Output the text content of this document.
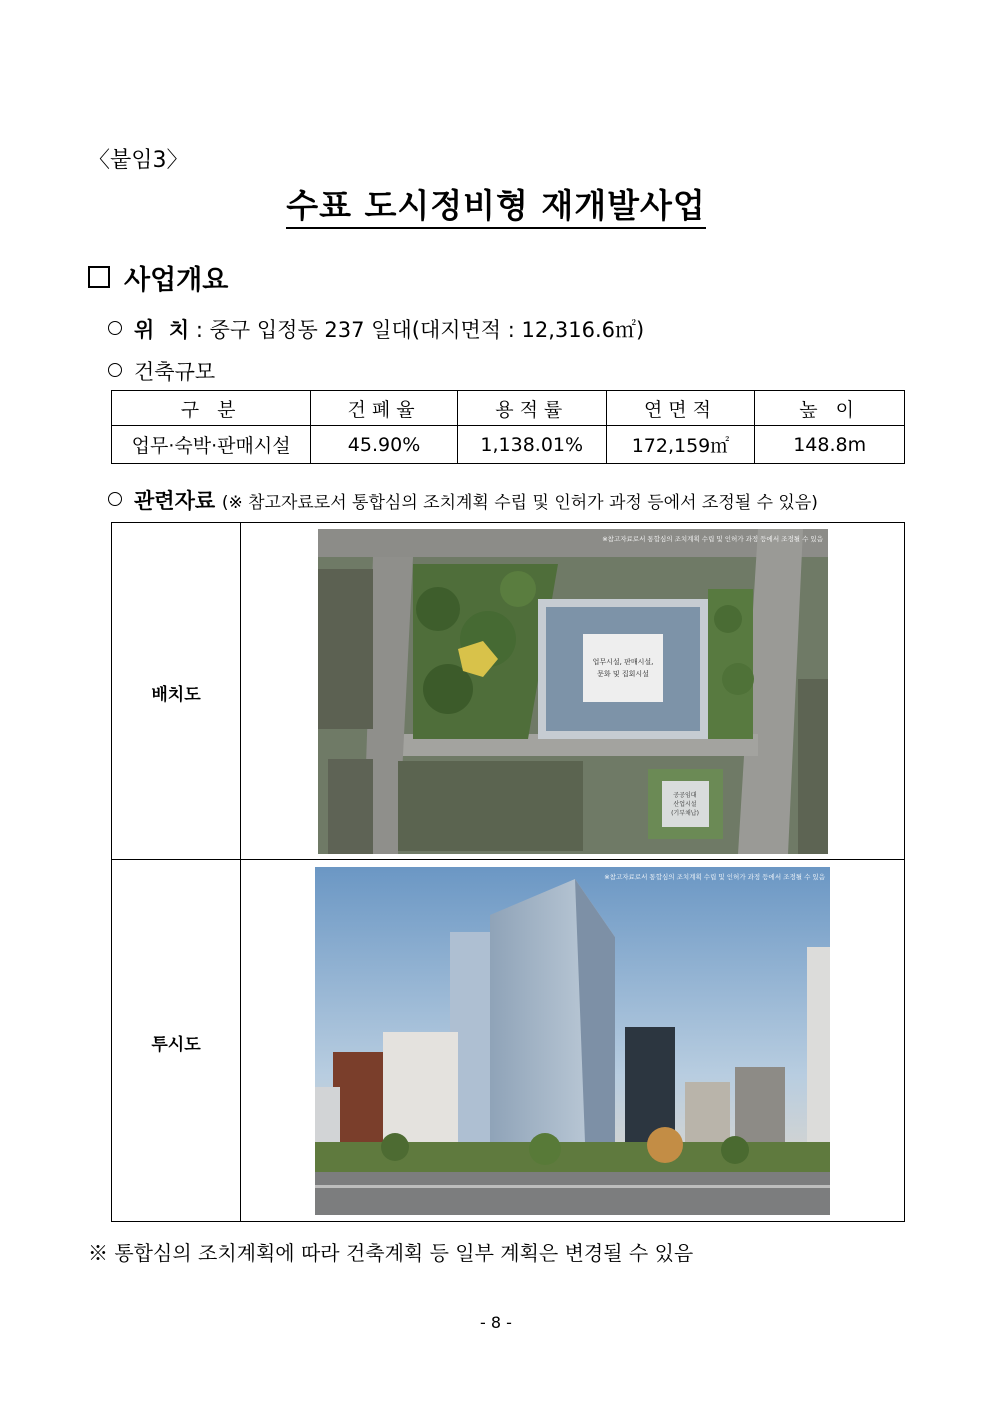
〈붙임3〉
수표 도시정비형 재개발사업
사업개요
위  치 : 중구 입정동 237 일대(대지면적 : 12,316.6㎡)
건축규모
구 분	건폐율	용적률	연면적	높 이
업무·숙박·판매시설	45.90%	1,138.01%	172,159㎡	148.8m
관련자료 (※ 참고자료로서 통합심의 조치계획 수립 및 인허가 과정 등에서 조정될 수 있음)
배치도
투시도
업무시설, 판매시설,
문화 및 집회시설
공공임대
산업시설
(기부채납)
※참고자료로서 통합심의 조치계획 수립 및 인허가 과정 등에서 조정될 수 있음
※참고자료로서 통합심의 조치계획 수립 및 인허가 과정 등에서 조정될 수 있음
※ 통합심의 조치계획에 따라 건축계획 등 일부 계획은 변경될 수 있음
- 8 -
